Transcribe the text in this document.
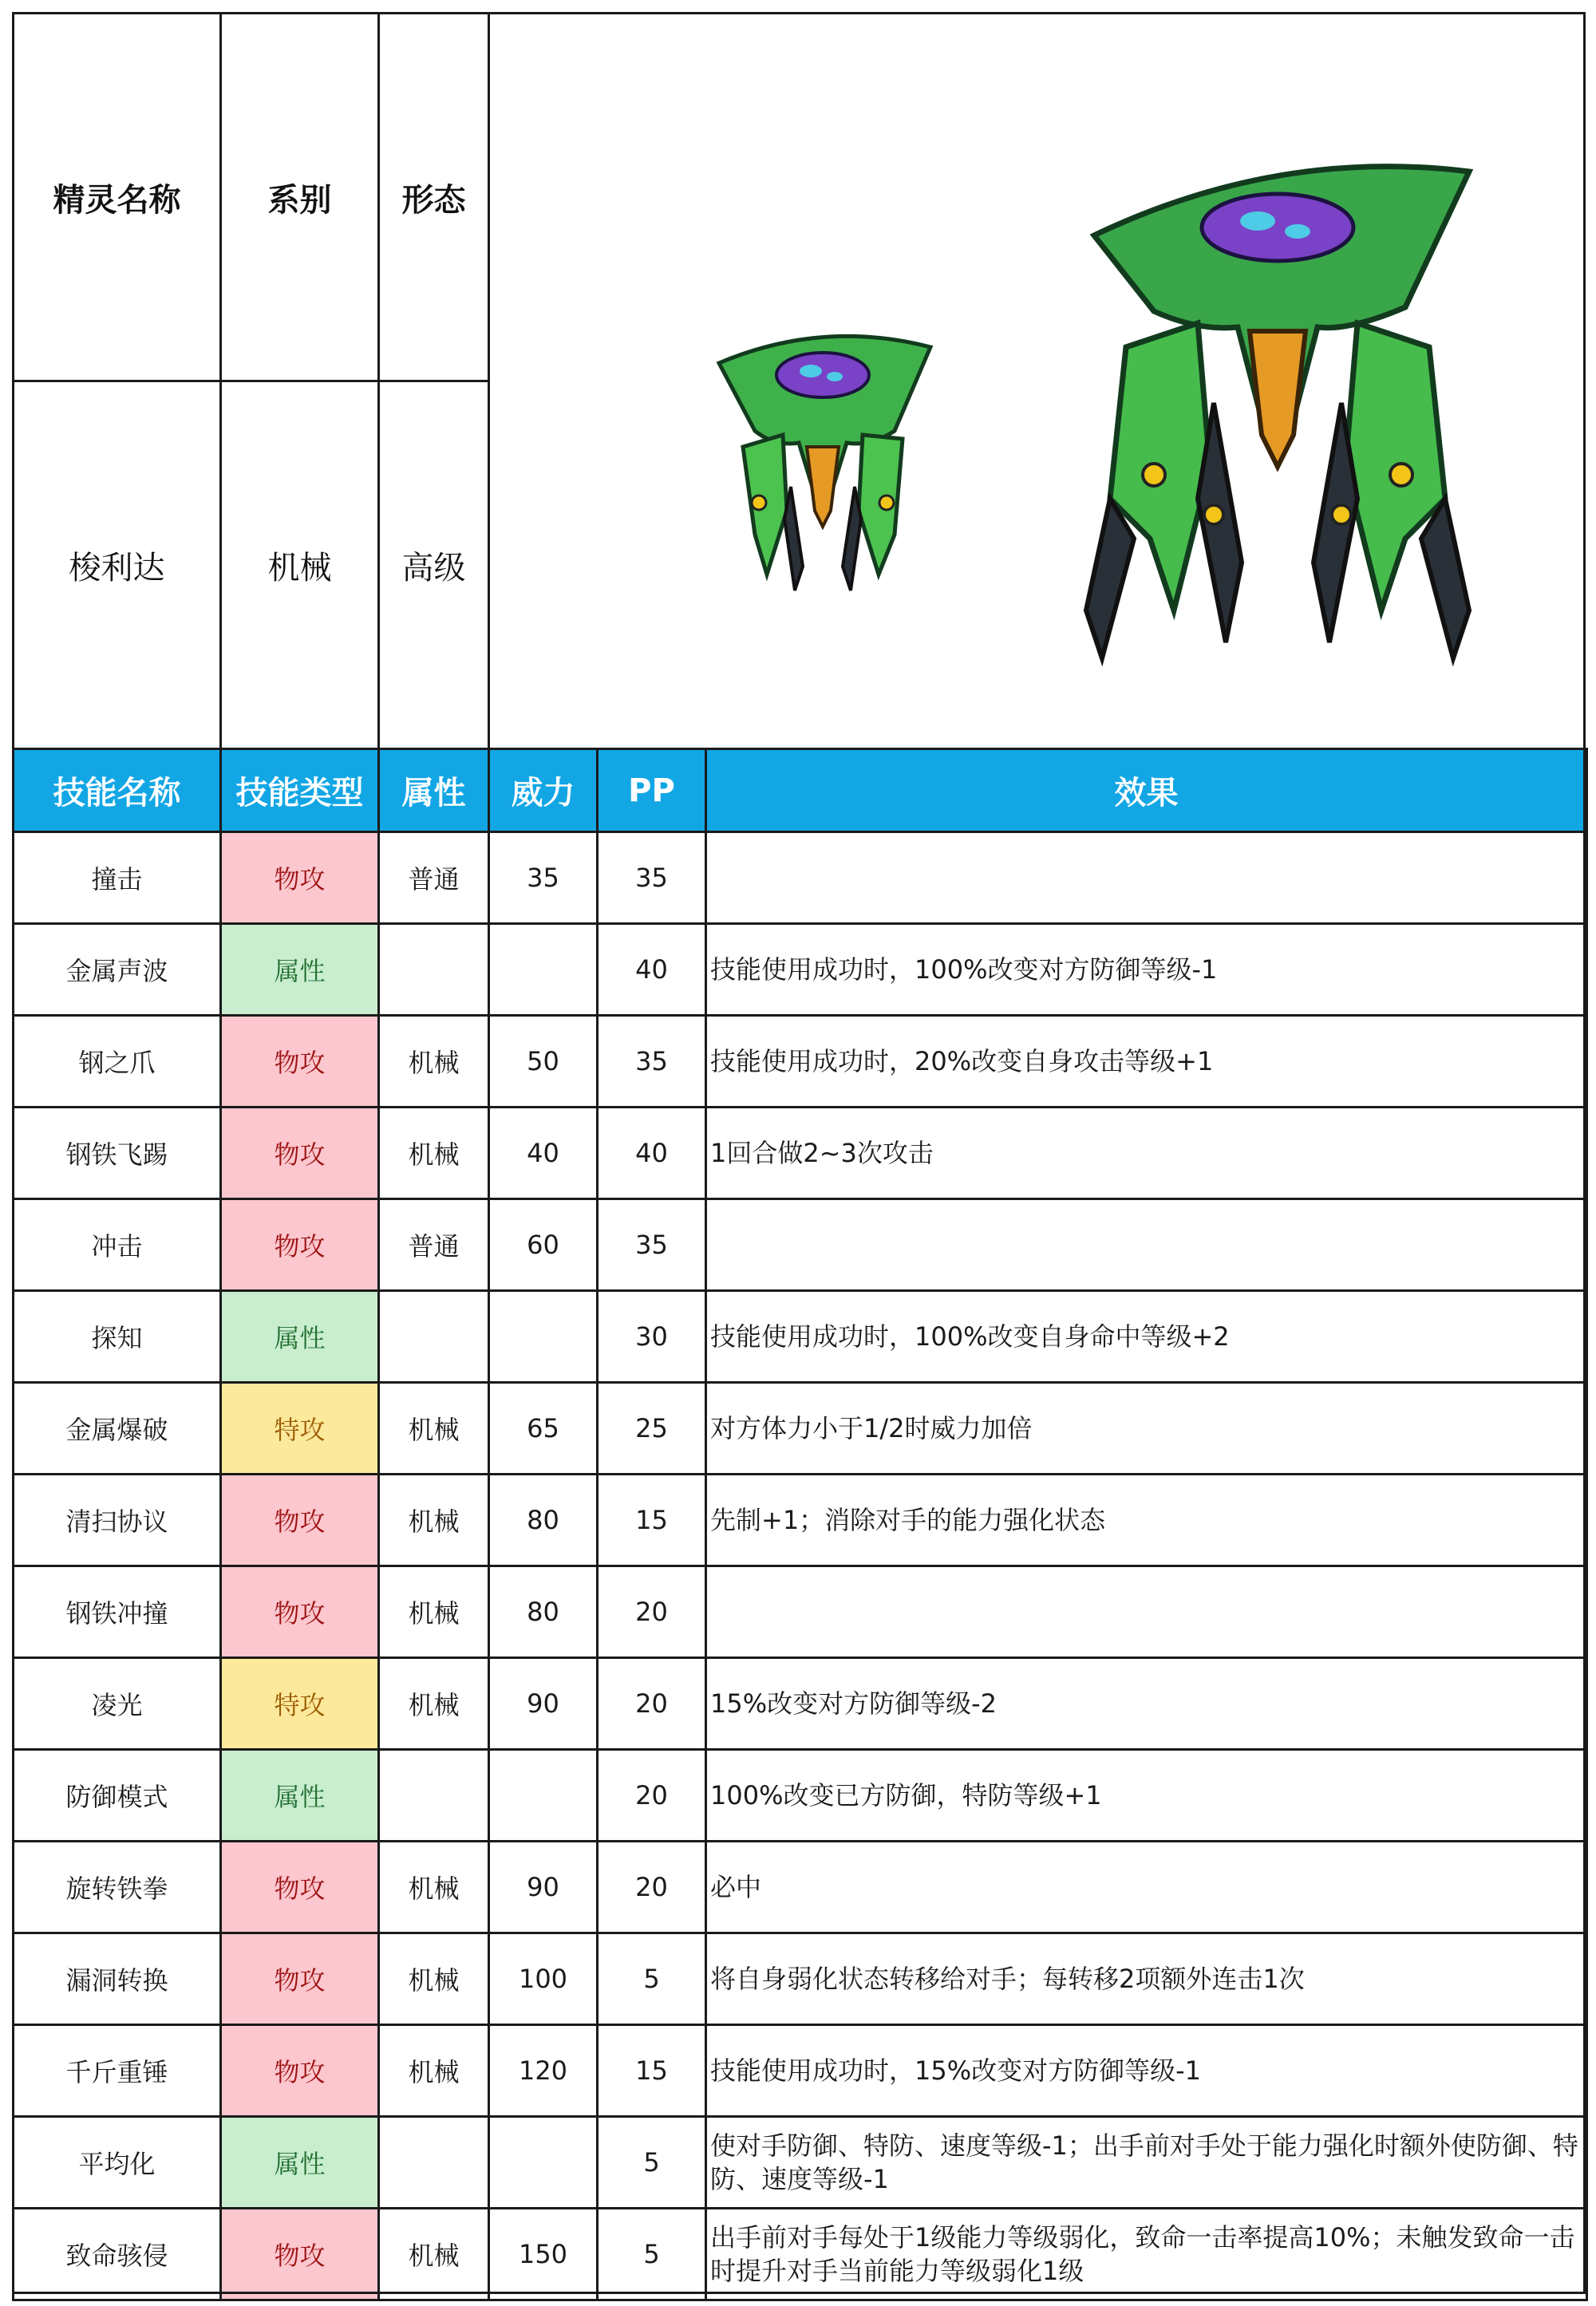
精灵名称	系别	形态
梭利达	机械	高级
技能名称	技能类型	属性	威力	PP	效果
撞击	物攻	普通	35	35	
金属声波	属性			40	技能使用成功时，100%改变对方防御等级-1
钢之爪	物攻	机械	50	35	技能使用成功时，20%改变自身攻击等级+1
钢铁飞踢	物攻	机械	40	40	1回合做2~3次攻击
冲击	物攻	普通	60	35	
探知	属性			30	技能使用成功时，100%改变自身命中等级+2
金属爆破	特攻	机械	65	25	对方体力小于1/2时威力加倍
清扫协议	物攻	机械	80	15	先制+1；消除对手的能力强化状态
钢铁冲撞	物攻	机械	80	20	
凌光	特攻	机械	90	20	15%改变对方防御等级-2
防御模式	属性			20	100%改变已方防御，特防等级+1
旋转铁拳	物攻	机械	90	20	必中
漏洞转换	物攻	机械	100	5	将自身弱化状态转移给对手；每转移2项额外连击1次
千斤重锤	物攻	机械	120	15	技能使用成功时，15%改变对方防御等级-1
平均化	属性			5	使对手防御、特防、速度等级-1；出手前对手处于能力强化时额外使防御、特防、速度等级-1
致命骇侵	物攻	机械	150	5	出手前对手每处于1级能力等级弱化，致命一击率提高10%；未触发致命一击时提升对手当前能力等级弱化1级
